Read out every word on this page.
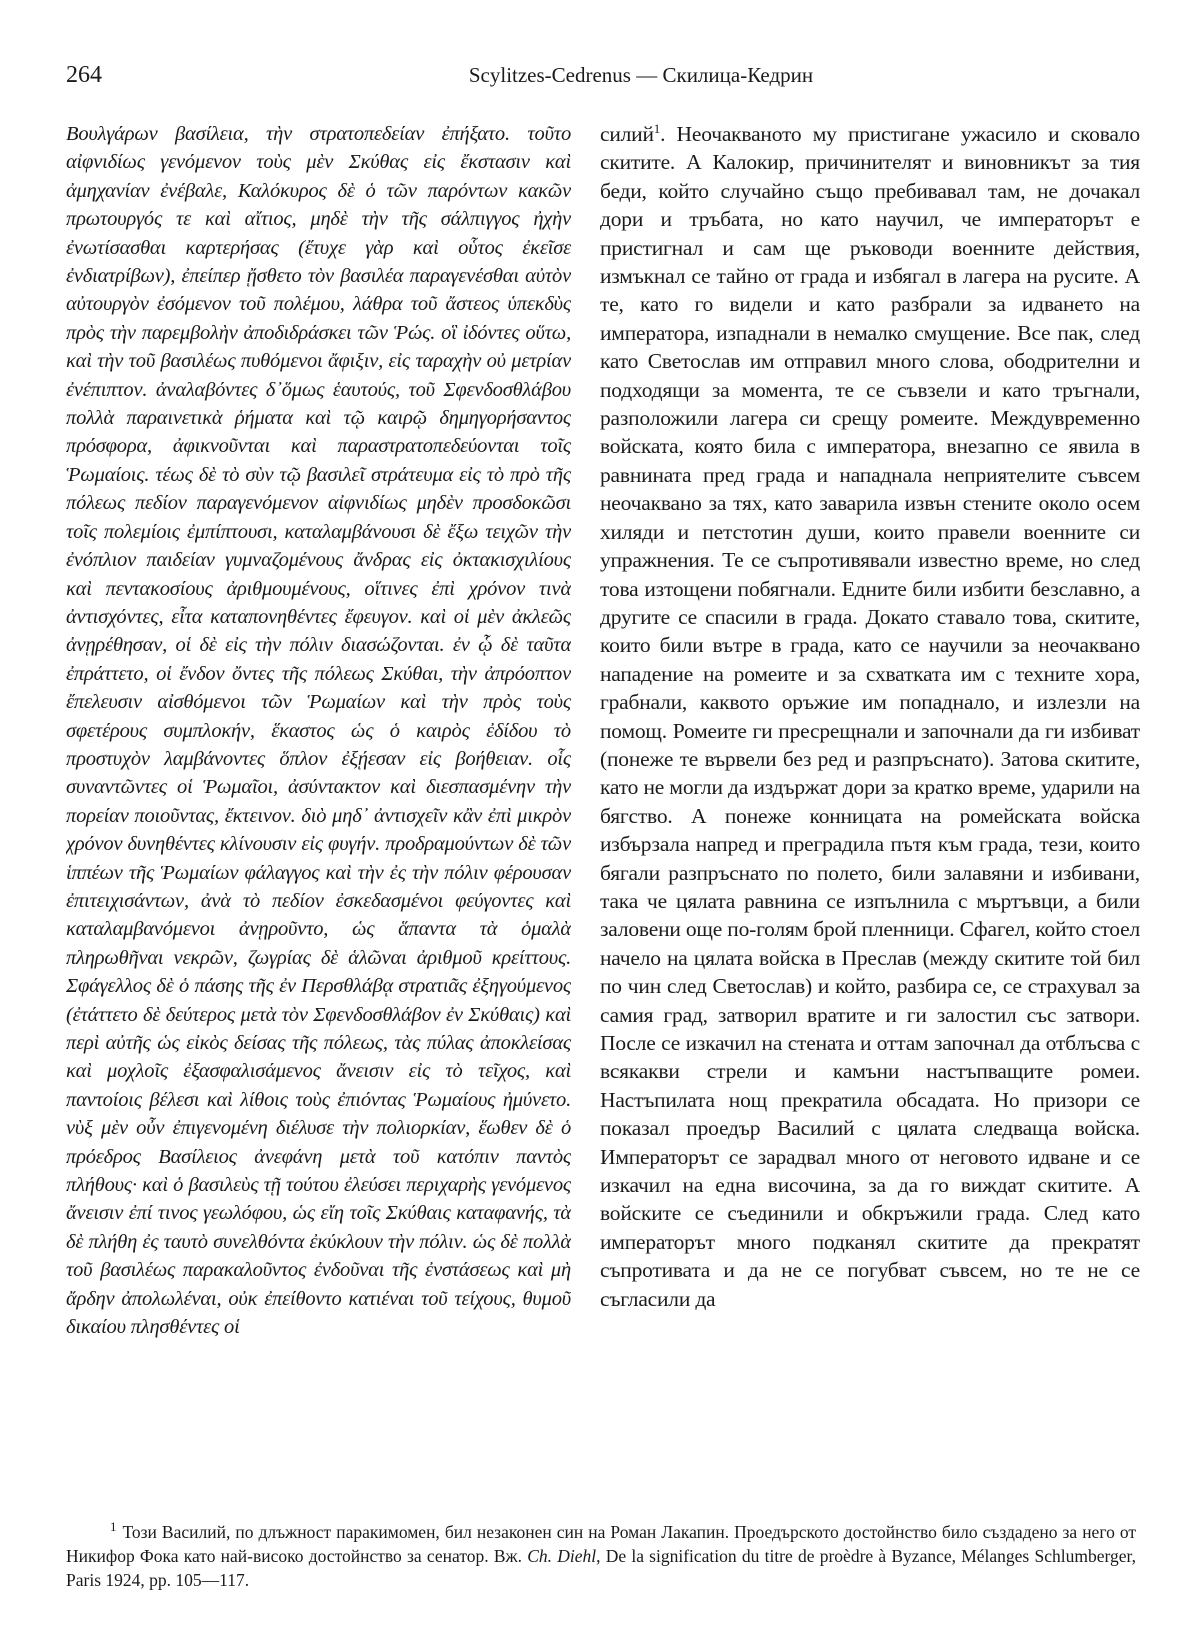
264	Scylitzes-Cedrenus — Скилица-Кедрин

Βουλγάρων βασίλεια, τὴν στρατοπεδείαν ἐπήξατο. τοῦτο αἰφνιδίως γενόμενον τοὺς μὲν Σκύθας εἰς ἔκστασιν καὶ ἀμηχανίαν ἐνέβαλε, Καλόκυρος δὲ ὁ τῶν παρόντων κακῶν πρωτουργός τε καὶ αἴτιος, μηδὲ τὴν τῆς σάλπιγγος ἠχὴν ἐνωτίσασθαι καρτερήσας (ἔτυχε γὰρ καὶ οὗτος ἐκεῖσε ἐνδιατρίβων), ἐπείπερ ᾔσθετο τὸν βασιλέα παραγενέσθαι αὐτὸν αὐτουργὸν ἐσόμενον τοῦ πολέμου, λάθρα τοῦ ἄστεος ὑπεκδὺς πρὸς τὴν παρεμβολὴν ἀποδιδράσκει τῶν Ῥώς. οἳ ἰδόντες οὕτω, καὶ τὴν τοῦ βασιλέως πυθόμενοι ἄφιξιν, εἰς ταραχὴν οὐ μετρίαν ἐνέπιπτον. ἀναλαβόντες δ᾽ὅμως ἑαυτούς, τοῦ Σφενδοσθλάβου πολλὰ παραινετικὰ ῥήματα καὶ τῷ καιρῷ δημηγορήσαντος πρόσφορα, ἀφικνοῦνται καὶ παραστρατοπεδεύονται τοῖς Ῥωμαίοις. τέως δὲ τὸ σὺν τῷ βασιλεῖ στράτευμα εἰς τὸ πρὸ τῆς πόλεως πεδίον παραγενόμενον αἰφνιδίως μηδὲν προσδοκῶσι τοῖς πολεμίοις ἐμπίπτουσι, καταλαμβάνουσι δὲ ἔξω τειχῶν τὴν ἐνόπλιον παιδείαν γυμναζομένους ἄνδρας εἰς ὀκτακισχιλίους καὶ πεντακοσίους ἀριθμουμένους, οἵτινες ἐπὶ χρόνον τινὰ ἀντισχόντες, εἶτα καταπονηθέντες ἔφευγον. καὶ οἱ μὲν ἀκλεῶς ἀνῃρέθησαν, οἱ δὲ εἰς τὴν πόλιν διασώζονται. ἐν ᾧ δὲ ταῦτα ἐπράττετο, οἱ ἔνδον ὄντες τῆς πόλεως Σκύθαι, τὴν ἀπρόοπτον ἔπελευσιν αἰσθόμενοι τῶν Ῥωμαίων καὶ τὴν πρὸς τοὺς σφετέρους συμπλοκήν, ἕκαστος ὡς ὁ καιρὸς ἐδίδου τὸ προστυχὸν λαμβάνοντες ὅπλον ἐξῄεσαν εἰς βοήθειαν. οἷς συναντῶντες οἱ Ῥωμαῖοι, ἀσύντακτον καὶ διεσπασμένην τὴν πορείαν ποιοῦντας, ἔκτεινον. διὸ μηδ᾽ ἀντισχεῖν κἂν ἐπὶ μικρὸν χρόνον δυνηθέντες κλίνουσιν εἰς φυγήν. προδραμούντων δὲ τῶν ἱππέων τῆς Ῥωμαίων φάλαγγος καὶ τὴν ἐς τὴν πόλιν φέρουσαν ἐπιτειχισάντων, ἀνὰ τὸ πεδίον ἐσκεδασμένοι φεύγοντες καὶ καταλαμβανόμενοι ἀνῃροῦντο, ὡς ἅπαντα τὰ ὁμαλὰ πληρωθῆναι νεκρῶν, ζωγρίας δὲ ἁλῶναι ἀριθμοῦ κρείττους. Σφάγελλος δὲ ὁ πάσης τῆς ἐν Περσθλάβᾳ στρατιᾶς ἐξηγούμενος (ἐτάττετο δὲ δεύτερος μετὰ τὸν Σφενδοσθλάβον ἐν Σκύθαις) καὶ περὶ αὐτῆς ὡς εἰκὸς δείσας τῆς πόλεως, τὰς πύλας ἀποκλείσας καὶ μοχλοῖς ἐξασφαλισάμενος ἄνεισιν εἰς τὸ τεῖχος, καὶ παντοίοις βέλεσι καὶ λίθοις τοὺς ἐπιόντας Ῥωμαίους ἠμύνετο. νὺξ μὲν οὖν ἐπιγενομένη διέλυσε τὴν πολιορκίαν, ἕωθεν δὲ ὁ πρόεδρος Βασίλειος ἀνεφάνη μετὰ τοῦ κατόπιν παντὸς πλήθους· καὶ ὁ βασιλεὺς τῇ τούτου ἐλεύσει περιχαρὴς γενόμενος ἄνεισιν ἐπί τινος γεωλόφου, ὡς εἴη τοῖς Σκύθαις καταφανής, τὰ δὲ πλήθη ἐς ταυτὸ συνελθόντα ἐκύκλουν τὴν πόλιν. ὡς δὲ πολλὰ τοῦ βασιλέως παρακαλοῦντος ἐνδοῦναι τῆς ἐνστάσεως καὶ μὴ ἄρδην ἀπολωλέναι, οὐκ ἐπείθοντο κατιέναι τοῦ τείχους, θυμοῦ δικαίου πλησθέντες οἱ

силий$^1$. Неочакваното му пристигане ужасило и сковало скитите. А Калокир, причинителят и виновникът за тия беди, който случайно също пребивавал там, не дочакал дори и тръбата, но като научил, че императорът е пристигнал и сам ще ръководи военните действия, измъкнал се тайно от града и избягал в лагера на русите. А те, като го видели и като разбрали за идването на императора, изпаднали в немалко смущение. Все пак, след като Светослав им отправил много слова, ободрителни и подходящи за момента, те се съвзели и като тръгнали, разположили лагера си срещу ромеите. Междувременно войската, която била с императора, внезапно се явила в равнината пред града и нападнала неприятелите съвсем неочаквано за тях, като заварила извън стените около осем хиляди и петстотин души, които правели военните си упражнения. Те се съпротивявали известно време, но след това изтощени побягнали. Едните били избити безславно, а другите се спасили в града. Докато ставало това, скитите, които били вътре в града, като се научили за неочаквано нападение на ромеите и за схватката им с техните хора, грабнали, каквото оръжие им попаднало, и излезли на помощ. Ромеите ги пресрещнали и започнали да ги избиват (понеже те вървели без ред и разпръснато). Затова скитите, като не могли да издържат дори за кратко време, ударили на бягство. А понеже конницата на ромейската войска избързала напред и преградила пътя към града, тези, които бягали разпръснато по полето, били залавяни и избивани, така че цялата равнина се изпълнила с мъртъвци, а били заловени още по-голям брой пленници. Сфагел, който стоел начело на цялата войска в Преслав (между скитите той бил по чин след Светослав) и който, разбира се, се страхувал за самия град, затворил вратите и ги залостил със затвори. После се изкачил на стената и оттам започнал да отблъсва с всякакви стрели и камъни настъпващите ромеи. Настъпилата нощ прекратила обсадата. Но призори се показал проедър Василий с цялата следваща войска. Императорът се зарадвал много от неговото идване и се изкачил на една височина, за да го виждат скитите. А войските се съединили и обкръжили града. След като императорът много подканял скитите да прекратят съпротивата и да не се погубват съвсем, но те не се съгласили да

$^1$ Този Василий, по длъжност паракимомен, бил незаконен син на Роман Лакапин. Проедърското достойнство било създадено за него от Никифор Фока като най-високо достойнство за сенатор. Вж. Ch. Diehl, De la signification du titre de proèdre à Byzance, Mélanges Schlumberger, Paris 1924, pp. 105—117.
